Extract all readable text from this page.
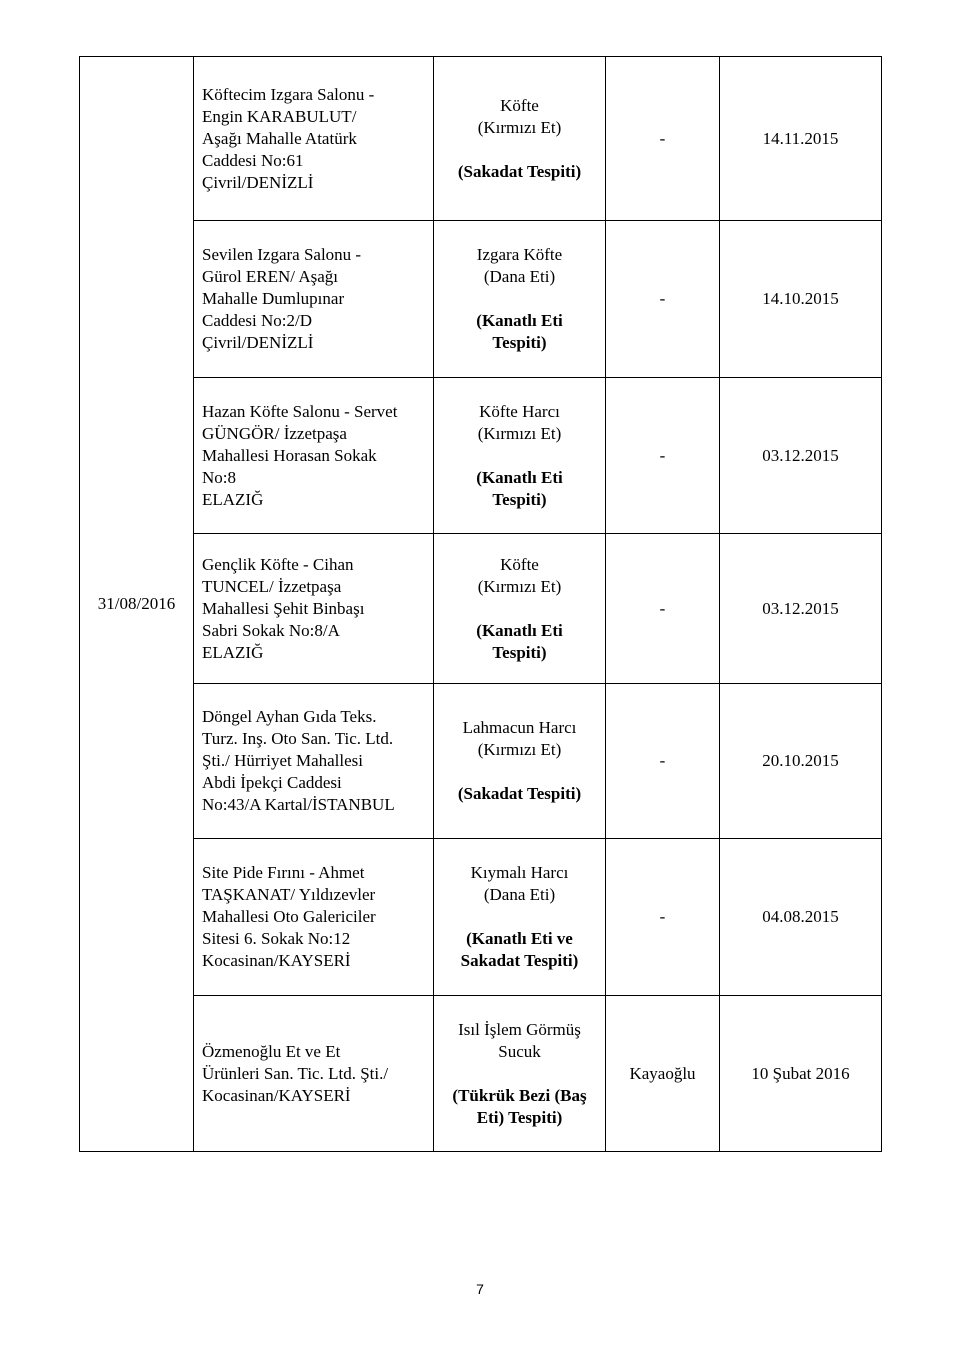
31/08/2016	Köftecim Izgara Salonu -
Engin KARABULUT/
Aşağı Mahalle Atatürk
Caddesi No:61
Çivril/DENİZLİ	Köfte
(Kırmızı Et)
(Sakadat Tespiti)	-	14.11.2015

	Sevilen Izgara Salonu -
Gürol EREN/ Aşağı
Mahalle Dumlupınar
Caddesi No:2/D
Çivril/DENİZLİ	Izgara Köfte
(Dana Eti)
(Kanatlı Eti
Tespiti)	-	14.10.2015

	Hazan Köfte Salonu - Servet
GÜNGÖR/ İzzetpaşa
Mahallesi Horasan Sokak
No:8
ELAZIĞ	Köfte Harcı
(Kırmızı Et)
(Kanatlı Eti
Tespiti)	-	03.12.2015

	Gençlik Köfte - Cihan
TUNCEL/ İzzetpaşa
Mahallesi Şehit Binbaşı
Sabri Sokak No:8/A
ELAZIĞ	Köfte
(Kırmızı Et)
(Kanatlı Eti
Tespiti)	-	03.12.2015

	Döngel Ayhan Gıda Teks.
Turz. Inş. Oto San. Tic. Ltd.
Şti./ Hürriyet Mahallesi
Abdi İpekçi Caddesi
No:43/A Kartal/İSTANBUL	Lahmacun Harcı
(Kırmızı Et)
(Sakadat Tespiti)	-	20.10.2015

	Site Pide Fırını - Ahmet
TAŞKANAT/ Yıldızevler
Mahallesi Oto Galericiler
Sitesi 6. Sokak No:12
Kocasinan/KAYSERİ	Kıymalı Harcı
(Dana Eti)
(Kanatlı Eti ve
Sakadat Tespiti)	-	04.08.2015

	Özmenoğlu Et ve Et
Ürünleri San. Tic. Ltd. Şti./
Kocasinan/KAYSERİ	Isıl İşlem Görmüş
Sucuk
(Tükrük Bezi (Baş
Eti) Tespiti)	Kayaoğlu	10 Şubat 2016
7
